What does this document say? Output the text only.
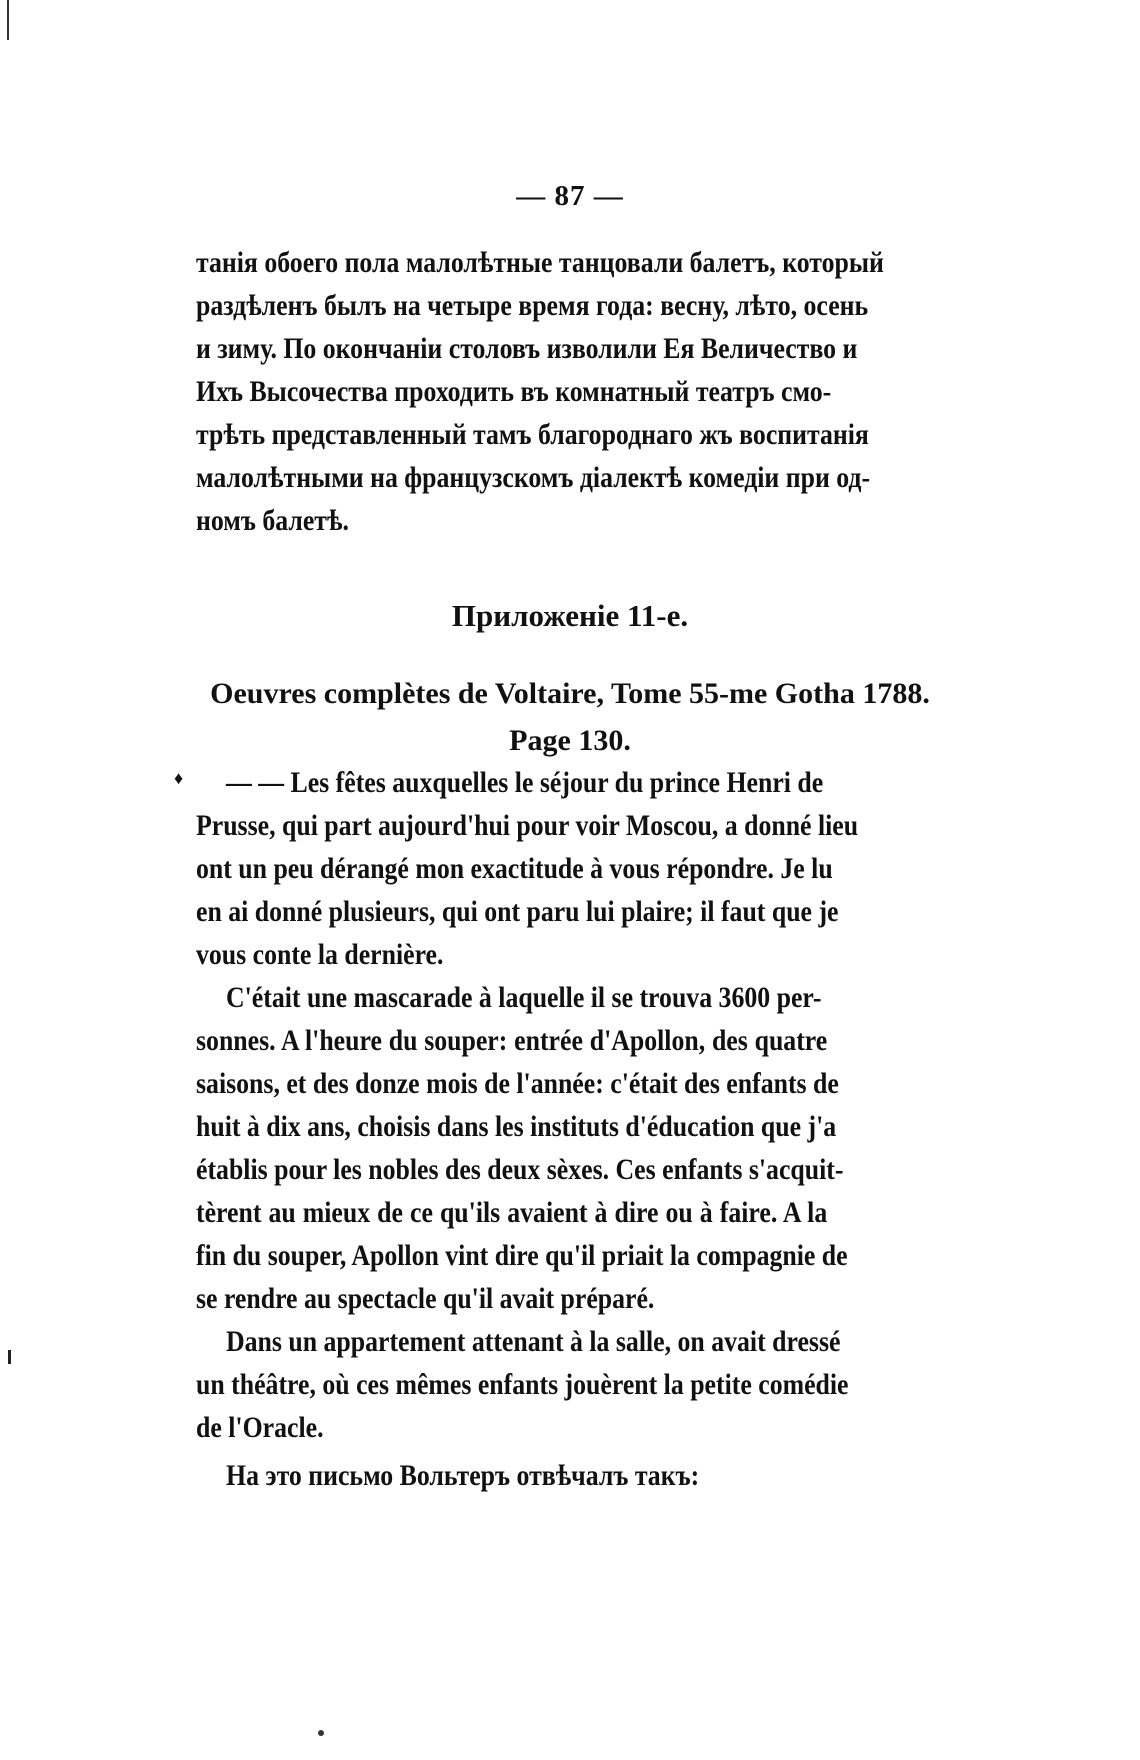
— 87 —
танія обоего пола малолѣтные танцовали балетъ, который
раздѣленъ былъ на четыре время года: весну, лѣто, осень
и зиму. По окончаніи столовъ изволили Ея Величество и
Ихъ Высочества проходить въ комнатный театръ смо-
трѣть представленный тамъ благороднаго жъ воспитанія
малолѣтными на французскомъ діалектѣ комедіи при од-
номъ балетѣ.
Приложеніе 11-е.
Oeuvres complètes de Voltaire, Tome 55-me Gotha 1788.
Page 130.
♦ — — Les fêtes auxquelles le séjour du prince Henri de
Prusse, qui part aujourd'hui pour voir Moscou, a donné lieu
ont un peu dérangé mon exactitude à vous répondre. Je lu
en ai donné plusieurs, qui ont paru lui plaire; il faut que je
vous conte la dernière.
C'était une mascarade à laquelle il se trouva 3600 per-
sonnes. A l'heure du souper: entrée d'Apollon, des quatre
saisons, et des donze mois de l'année: c'était des enfants de
huit à dix ans, choisis dans les instituts d'éducation que j'a
établis pour les nobles des deux sèxes. Ces enfants s'acquit-
tèrent au mieux de ce qu'ils avaient à dire ou à faire. A la
fin du souper, Apollon vint dire qu'il priait la compagnie de
se rendre au spectacle qu'il avait préparé.
Dans un appartement attenant à la salle, on avait dressé
un théâtre, où ces mêmes enfants jouèrent la petite comédie
de l'Oracle.
На это письмо Вольтеръ отвѣчалъ такъ:
